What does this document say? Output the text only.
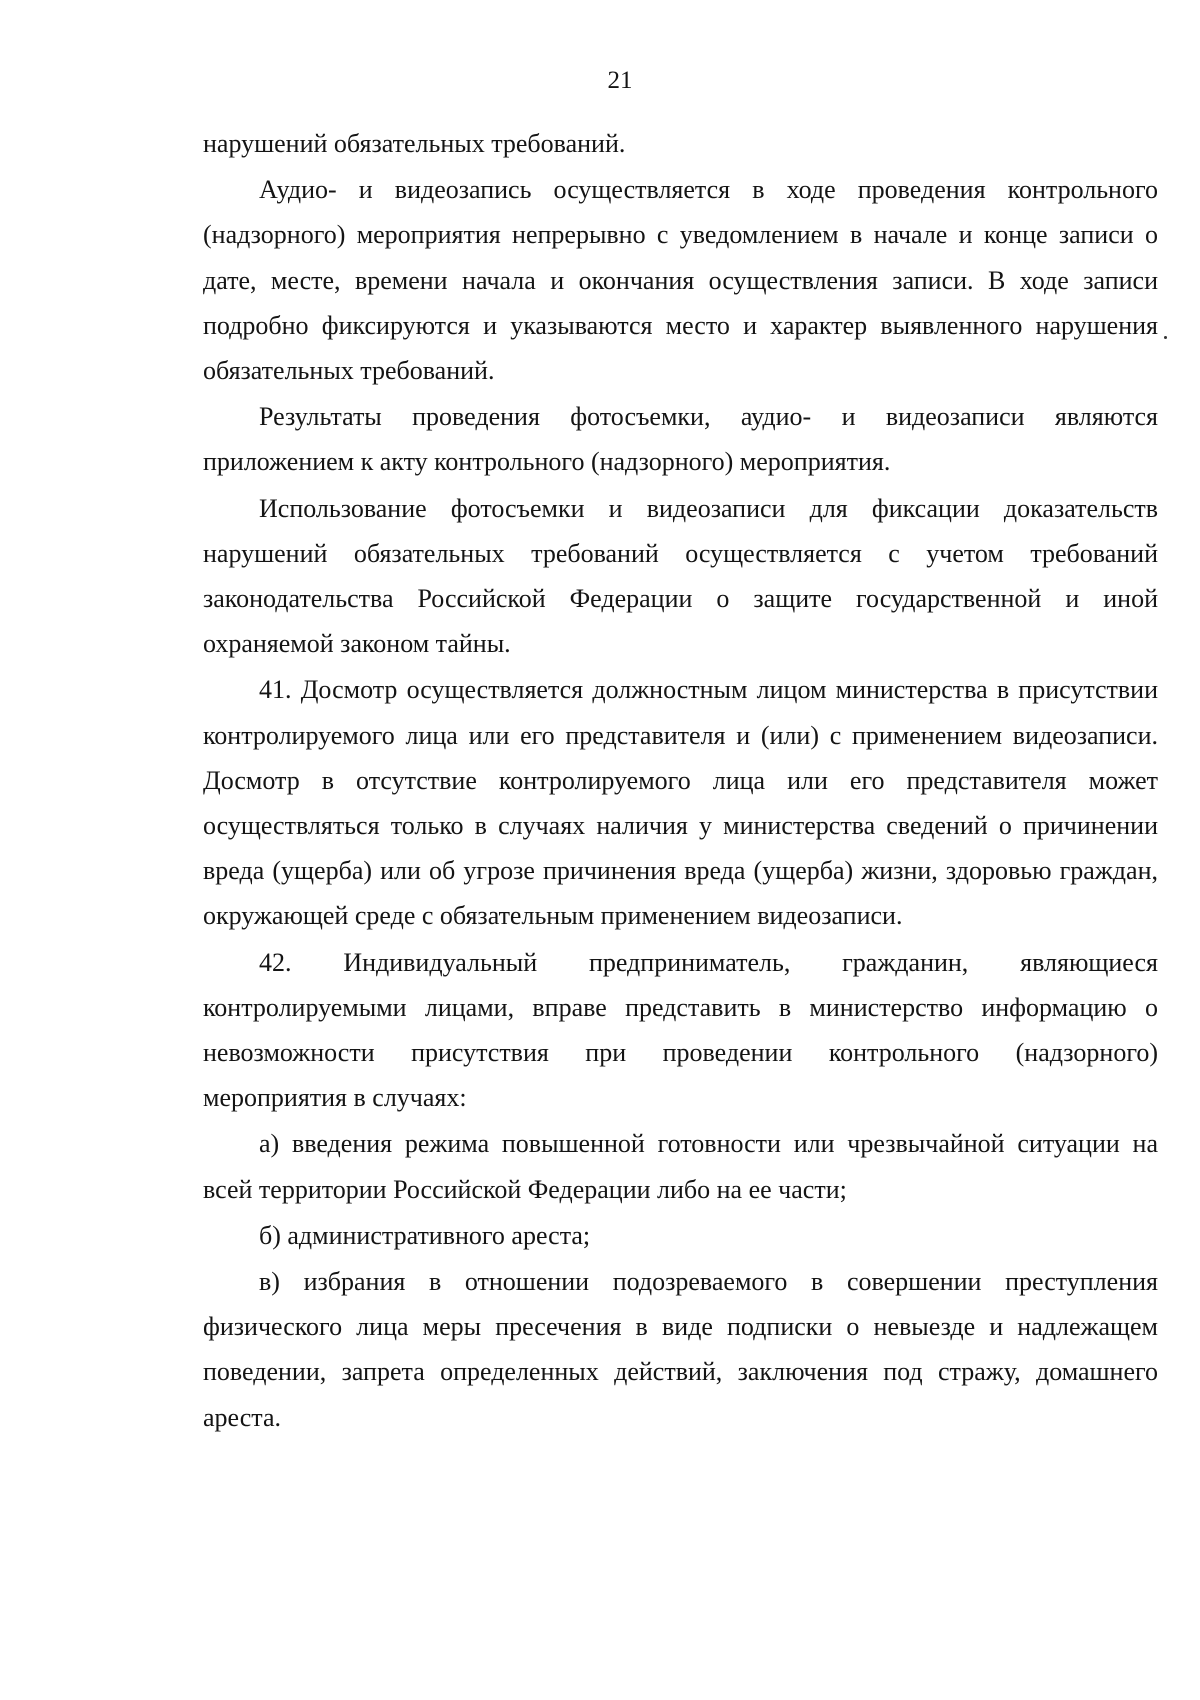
21

нарушений обязательных требований.

Аудио- и видеозапись осуществляется в ходе проведения контрольного (надзорного) мероприятия непрерывно с уведомлением в начале и конце записи о дате, месте, времени начала и окончания осуществления записи. В ходе записи подробно фиксируются и указываются место и характер выявленного нарушения обязательных требований.

Результаты проведения фотосъемки, аудио- и видеозаписи являются приложением к акту контрольного (надзорного) мероприятия.

Использование фотосъемки и видеозаписи для фиксации доказательств нарушений обязательных требований осуществляется с учетом требований законодательства Российской Федерации о защите государственной и иной охраняемой законом тайны.

41. Досмотр осуществляется должностным лицом министерства в присутствии контролируемого лица или его представителя и (или) с применением видеозаписи. Досмотр в отсутствие контролируемого лица или его представителя может осуществляться только в случаях наличия у министерства сведений о причинении вреда (ущерба) или об угрозе причинения вреда (ущерба) жизни, здоровью граждан, окружающей среде с обязательным применением видеозаписи.

42. Индивидуальный предприниматель, гражданин, являющиеся контролируемыми лицами, вправе представить в министерство информацию о невозможности присутствия при проведении контрольного (надзорного) мероприятия в случаях:

а) введения режима повышенной готовности или чрезвычайной ситуации на всей территории Российской Федерации либо на ее части;

б) административного ареста;

в) избрания в отношении подозреваемого в совершении преступления физического лица меры пресечения в виде подписки о невыезде и надлежащем поведении, запрета определенных действий, заключения под стражу, домашнего ареста.
